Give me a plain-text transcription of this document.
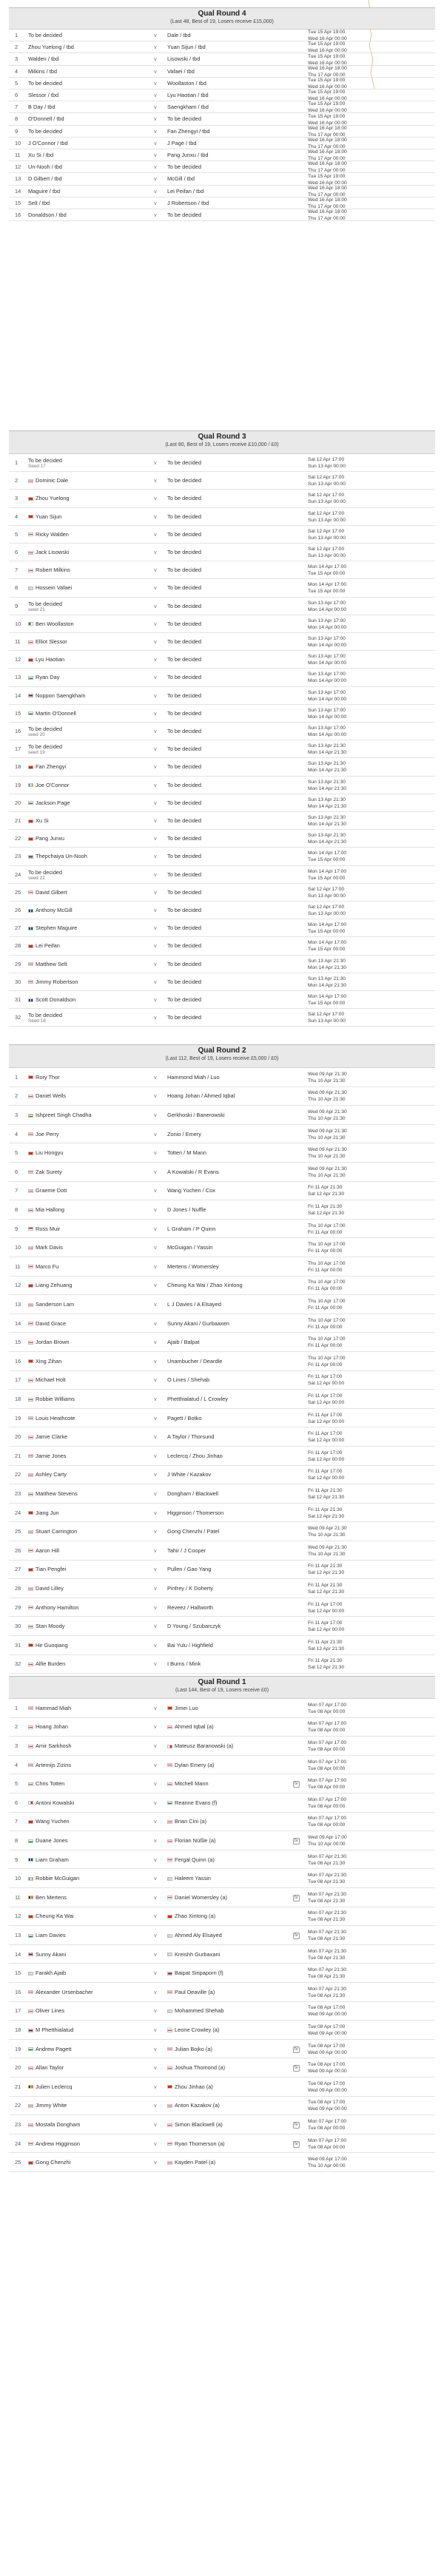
Qual Round 4
(Last 48, Best of 19, Losers receive £15,000)
1	To be decided	v Dale / tbd	Tue 15 Apr 19:00
Wed 16 Apr 00:00
2	Zhou Yuelong / tbd	v Yuan Sijun / tbd	Tue 15 Apr 19:00
Wed 16 Apr 00:00
3	Walden / tbd	v Lisowski / tbd	Tue 15 Apr 19:00
Wed 16 Apr 00:00
4	Milkins / tbd	v Vafaei / tbd	Wed 16 Apr 18:00
Thu 17 Apr 00:00
5	To be decided	v Woollaston / tbd	Tue 15 Apr 19:00
Wed 16 Apr 00:00
6	Slessor / tbd	v Lyu Haotian / tbd	Tue 15 Apr 19:00
Wed 16 Apr 00:00
7	B Day / tbd	v Saengkham / tbd	Tue 15 Apr 19:00
Wed 16 Apr 00:00
8	O'Donnell / tbd	v To be decided	Tue 15 Apr 19:00
Wed 16 Apr 00:00
9	To be decided	v Fan Zhengyi / tbd	Wed 16 Apr 18:00
Thu 17 Apr 00:00
10	J O'Connor / tbd	v J Page / tbd	Wed 16 Apr 18:00
Thu 17 Apr 00:00
11	Xu Si / tbd	v Pang Junxu / tbd	Wed 16 Apr 18:00
Thu 17 Apr 00:00
12	Un-Nooh / tbd	v To be decided	Wed 16 Apr 18:00
Thu 17 Apr 00:00
13	D Gilbert / tbd	v McGill / tbd	Tue 15 Apr 19:00
Wed 16 Apr 00:00
14	Maguire / tbd	v Lei Peifan / tbd	Wed 16 Apr 18:00
Thu 17 Apr 00:00
15	Selt / tbd	v J Robertson / tbd	Wed 16 Apr 18:00
Thu 17 Apr 00:00
16	Donaldson / tbd	v To be decided	Wed 16 Apr 18:00
Thu 17 Apr 00:00
Qual Round 3
(Last 80, Best of 19, Losers receive £10,000 / £0)
1	To be decided
Seed 17
v To be decided	Sat 12 Apr 17:00
Sun 13 Apr 00:00
2	Dominic Dale	v To be decided	Sat 12 Apr 17:00
Sun 13 Apr 00:00
3	Zhou Yuelong	v To be decided	Sat 12 Apr 17:00
Sun 13 Apr 00:00
4	Yuan Sijun	v To be decided	Sat 12 Apr 17:00
Sun 13 Apr 00:00
5	Ricky Walden	v To be decided	Sat 12 Apr 17:00
Sun 13 Apr 00:00
6	Jack Lisowski	v To be decided	Sat 12 Apr 17:00
Sun 13 Apr 00:00
7	Robert Milkins	v To be decided	Mon 14 Apr 17:00
Tue 15 Apr 00:00
8	Hossein Vafaei	v To be decided	Mon 14 Apr 17:00
Tue 15 Apr 00:00
9	To be decided
seed 21
v To be decided	Sun 13 Apr 17:00
Mon 14 Apr 00:00
10	Ben Woollaston	v To be decided	Sun 13 Apr 17:00
Mon 14 Apr 00:00
11	Elliot Slessor	v To be decided	Sun 13 Apr 17:00
Mon 14 Apr 00:00
12	Lyu Haotian	v To be decided	Sun 13 Apr 17:00
Mon 14 Apr 00:00
13	Ryan Day	v To be decided	Sun 13 Apr 17:00
Mon 14 Apr 00:00
14	Noppon Saengkham	v To be decided	Sun 13 Apr 17:00
Mon 14 Apr 00:00
15	Martin O'Donnell	v To be decided	Sun 13 Apr 17:00
Mon 14 Apr 00:00
16	To be decided
seed 20
v To be decided	Sun 13 Apr 17:00
Mon 14 Apr 00:00
17	To be decided
seed 19
v To be decided	Sun 13 Apr 21:30
Mon 14 Apr 21:30
18	Fan Zhengyi	v To be decided	Sun 13 Apr 21:30
Mon 14 Apr 21:30
19	Joe O'Connor	v To be decided	Sun 13 Apr 21:30
Mon 14 Apr 21:30
20	Jackson Page	v To be decided	Sun 13 Apr 21:30
Mon 14 Apr 21:30
21	Xu Si	v To be decided	Sun 13 Apr 21:30
Mon 14 Apr 21:30
22	Pang Junxu	v To be decided	Sun 13 Apr 21:30
Mon 14 Apr 21:30
23	Thepchaiya Un-Nooh	v To be decided	Mon 14 Apr 17:00
Tue 15 Apr 00:00
24	To be decided
seed 22
v To be decided	Mon 14 Apr 17:00
Tue 15 Apr 00:00
25	David Gilbert	v To be decided	Sat 12 Apr 17:00
Sun 13 Apr 00:00
26	Anthony McGill	v To be decided	Sat 12 Apr 17:00
Sun 13 Apr 00:00
27	Stephen Maguire	v To be decided	Mon 14 Apr 17:00
Tue 15 Apr 00:00
28	Lei Peifan	v To be decided	Mon 14 Apr 17:00
Tue 15 Apr 00:00
29	Matthew Selt	v To be decided	Sun 13 Apr 21:30
Mon 14 Apr 21:30
30	Jimmy Robertson	v To be decided	Sun 13 Apr 21:30
Mon 14 Apr 21:30
31	Scott Donaldson	v To be decided	Mon 14 Apr 17:00
Tue 15 Apr 00:00
32	To be decided
Seed 18
v To be decided	Sat 12 Apr 17:00
Sun 13 Apr 00:00
Qual Round 2
(Last 112, Best of 19, Losers receive £5,000 / £0)
1	Rory Thor	v Hammond Miah / Luo	Wed 09 Apr 21:30
Thu 10 Apr 21:30
2	Daniel Wells	v Hoang Johan / Ahmed Iqbal	Wed 09 Apr 21:30
Thu 10 Apr 21:30
3	Ishpreet Singh Chadha	v Gerkhoski / Banerowski	Wed 09 Apr 21:30
Thu 10 Apr 21:30
4	Joe Perry	v Zonio / Emery	Wed 09 Apr 21:30
Thu 10 Apr 21:30
5	Liu Hongyu	v Totten / M Mann	Wed 09 Apr 21:30
Thu 10 Apr 21:30
6	Zak Surety	v A Kowalski / R Evans	Wed 09 Apr 21:30
Thu 10 Apr 21:30
7	Graeme Dott	v Wang Yuchen / Cox	Fri 11 Apr 21:30
Sat 12 Apr 21:30
8	Mia Hallong	v D Jones / Nuffle	Fri 11 Apr 21:30
Sat 12 Apr 21:30
9	Ross Muir	v L Graham / P Quinn	Thu 10 Apr 17:00
Fri 11 Apr 00:00
10	Mark Davis	v McGuigan / Yassin	Thu 10 Apr 17:00
Fri 11 Apr 00:00
11	Marco Fu	v Mertens / Womersley	Thu 10 Apr 17:00
Fri 11 Apr 00:00
12	Liang Zehuang	v Cheung Ka Wai / Zhao Xintong	Thu 10 Apr 17:00
Fri 11 Apr 00:00
13	Sanderson Lam	v L J Davies / A Elsayed	Thu 10 Apr 17:00
Fri 11 Apr 00:00
14	David Grace	v Sunny Akani / Gurbaaxen	Thu 10 Apr 17:00
Fri 11 Apr 00:00
15	Jordan Brown	v Ajaib / Balpat	Thu 10 Apr 17:00
Fri 11 Apr 00:00
16	Xing Zihan	v Unambucher / Deardle	Thu 10 Apr 17:00
Fri 11 Apr 00:00
17	Michael Holt	v O Lines / Shehab	Fri 11 Apr 17:00
Sat 12 Apr 00:00
18	Robbie Williams	v Phetthialatud / L Crowley	Fri 11 Apr 17:00
Sat 12 Apr 00:00
19	Louis Heathcote	v Pagett / Botko	Fri 11 Apr 17:00
Sat 12 Apr 00:00
20	Jamie Clarke	v A Taylor / Thorsund	Fri 11 Apr 17:00
Sat 12 Apr 00:00
21	Jamie Jones	v Leclercq / Zhou Jinhao	Fri 11 Apr 17:00
Sat 12 Apr 00:00
22	Ashley Carty	v J White / Kazakov	Fri 11 Apr 17:00
Sat 12 Apr 00:00
23	Matthew Stevens	v Dongham / Blackwell	Fri 11 Apr 21:30
Sat 12 Apr 21:30
24	Jiang Jun	v Higginson / Thomerson	Fri 11 Apr 21:30
Sat 12 Apr 21:30
25	Stuart Carrington	v Gong Chenzhi / Patel	Wed 09 Apr 21:30
Thu 10 Apr 21:30
26	Aaron Hill	v Tahir / J Cooper	Wed 09 Apr 21:30
Thu 10 Apr 21:30
27	Tian Pengfei	v Pullen / Gao Yang	Fri 11 Apr 21:30
Sat 12 Apr 21:30
28	David Lilley	v Pinfrey / K Doherty	Fri 11 Apr 21:30
Sat 12 Apr 21:30
29	Anthony Hamilton	v Reveez / Hallworth	Fri 11 Apr 17:00
Sat 12 Apr 00:00
30	Stan Moody	v D Young / Szubarczyk	Fri 11 Apr 17:00
Sat 12 Apr 00:00
31	He Guoqiang	v Bai Yulu / Highfield	Fri 11 Apr 21:30
Sat 12 Apr 21:30
32	Alfie Burden	v I Burns / Mink	Fri 11 Apr 21:30
Sat 12 Apr 21:30
Qual Round 1
(Last 144, Best of 19, Losers receive £0)
1	Hammad Miah	v	Jimei Luo	Mon 07 Apr 17:00
Tue 08 Apr 00:00
2	Hoang Johan	v	Ahmed Iqbal (a)	Mon 07 Apr 17:00
Tue 08 Apr 00:00
3	Amir Sarkhosh	v	Mateusz Baranowski (a)	Mon 07 Apr 17:00
Tue 08 Apr 00:00
4	Artemijs Zizins	v	Dylan Emery (a)	Mon 07 Apr 17:00
Tue 08 Apr 00:00
5	Chris Totten	v	Mitchell Mann	tv
Mon 07 Apr 17:00
Tue 08 Apr 00:00
6	Antoni Kowalski	v	Reanne Evans (f)	Mon 07 Apr 17:00
Tue 08 Apr 00:00
7	Wang Yuchen	v	Brian Cini (a)	Mon 07 Apr 17:00
Tue 08 Apr 00:00
8	Duane Jones	v	Florian Nüßle (a)	tv
Wed 09 Apr 17:00
Thu 10 Apr 00:00
9	Liam Graham	v	Fergal Quinn (a)	Mon 07 Apr 21:30
Tue 08 Apr 21:30
10	Robbie McGuigan	v	Haleem Yassin	Mon 07 Apr 21:30
Tue 08 Apr 21:30
11	Ben Mertens	v	Daniel Womersley (a)	tv
Mon 07 Apr 21:30
Tue 08 Apr 21:30
12	Cheung Ka Wai	v	Zhao Xintong (a)	Mon 07 Apr 21:30
Tue 08 Apr 21:30
13	Liam Davies	v	Ahmed Aly Elsayed	tv
Mon 07 Apr 21:30
Tue 08 Apr 21:30
14	Sunny Akani	v	Kreishh Gurbaxani	Mon 07 Apr 21:30
Tue 08 Apr 21:30
15	Farakh Ajaib	v	Baipat Siripaporn (f)	Mon 07 Apr 21:30
Tue 08 Apr 21:30
16	Alexander Ursenbacher	v	Paul Deaville (a)	Mon 07 Apr 21:30
Tue 08 Apr 21:30
17	Oliver Lines	v	Mohammed Shehab	Tue 08 Apr 17:00
Wed 09 Apr 00:00
18	M Phetthialatud	v	Leone Crowley (a)	Tue 08 Apr 17:00
Wed 09 Apr 00:00
19	Andrew Pagett	v	Julian Bojko (a)	tv
Tue 08 Apr 17:00
Wed 09 Apr 00:00
20	Allan Taylor	v	Joshua Thomond (a)	tv
Tue 08 Apr 17:00
Wed 09 Apr 00:00
21	Julien Leclercq	v	Zhou Jinhao (a)	Tue 08 Apr 17:00
Wed 09 Apr 00:00
22	Jimmy White	v	Anton Kazakov (a)	Tue 08 Apr 17:00
Wed 09 Apr 00:00
23	Mostafa Dongham	v	Simon Blackwell (a)	tv
Mon 07 Apr 17:00
Tue 08 Apr 00:00
24	Andrew Higginson	v	Ryan Thomerson (a)	tv
Mon 07 Apr 17:00
Tue 08 Apr 00:00
25	Gong Chenzhi	v	Kayden Patel (a)	Wed 09 Apr 17:00
Thu 10 Apr 00:00
